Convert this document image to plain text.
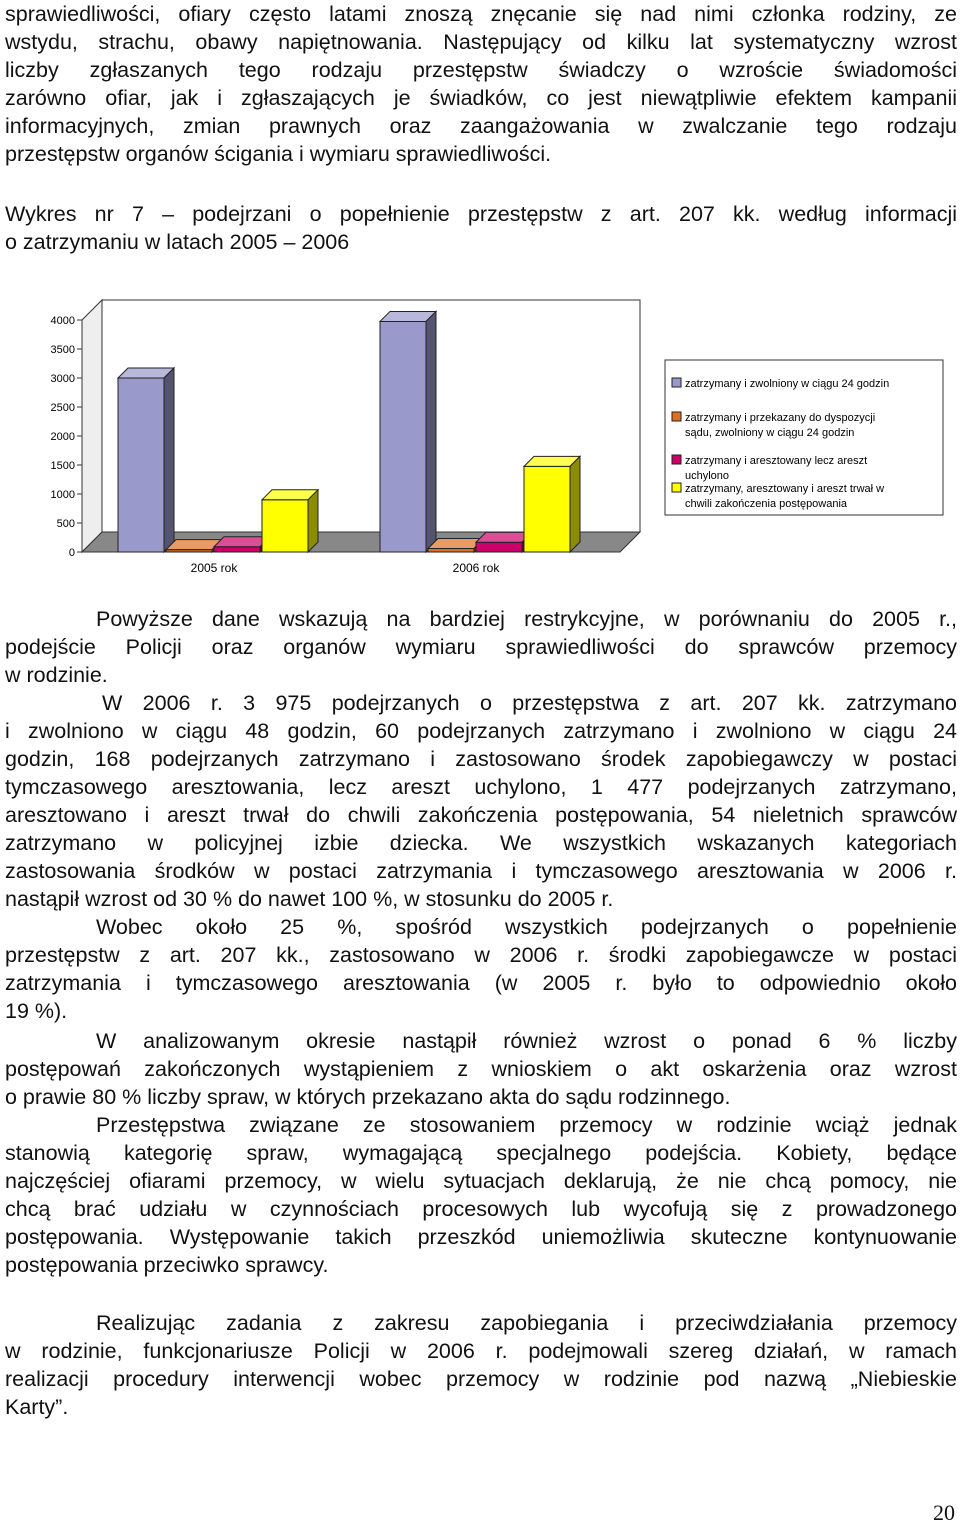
sprawiedliwości, ofiary często latami znoszą znęcanie się nad nimi członka rodziny, ze
wstydu, strachu, obawy napiętnowania. Następujący od kilku lat systematyczny wzrost
liczby zgłaszanych tego rodzaju przestępstw świadczy o wzroście świadomości
zarówno ofiar, jak i zgłaszających je świadków, co jest niewątpliwie efektem kampanii
informacyjnych, zmian prawnych oraz zaangażowania w zwalczanie tego rodzaju
przestępstw organów ścigania i wymiaru sprawiedliwości.
Wykres nr 7 – podejrzani o popełnienie przestępstw z art. 207 kk. według informacji
o zatrzymaniu w latach 2005 – 2006
0
500
1000
1500
2000
2500
3000
3500
4000
2005 rok	2006 rok
zatrzymany i zwolniony w ciągu 24 godzin
zatrzymany i przekazany do dyspozycji
sądu, zwolniony w ciągu 24 godzin
zatrzymany i aresztowany lecz areszt
uchylono
zatrzymany, aresztowany i areszt trwał w
chwili zakończenia postępowania
Powyższe dane wskazują na bardziej restrykcyjne, w porównaniu do 2005 r.,
podejście Policji oraz organów wymiaru sprawiedliwości do sprawców przemocy
w rodzinie.
W 2006 r. 3 975 podejrzanych o przestępstwa z art. 207 kk. zatrzymano
i zwolniono w ciągu 48 godzin, 60 podejrzanych zatrzymano i zwolniono w ciągu 24
godzin, 168 podejrzanych zatrzymano i zastosowano środek zapobiegawczy w postaci
tymczasowego aresztowania, lecz areszt uchylono, 1 477 podejrzanych zatrzymano,
aresztowano i areszt trwał do chwili zakończenia postępowania, 54 nieletnich sprawców
zatrzymano w policyjnej izbie dziecka. We wszystkich wskazanych kategoriach
zastosowania środków w postaci zatrzymania i tymczasowego aresztowania w 2006 r.
nastąpił wzrost od 30 % do nawet 100 %, w stosunku do 2005 r.
Wobec około 25 %, spośród wszystkich podejrzanych o popełnienie
przestępstw z art. 207 kk., zastosowano w 2006 r. środki zapobiegawcze w postaci
zatrzymania i tymczasowego aresztowania (w 2005 r. było to odpowiednio około
19 %).
W analizowanym okresie nastąpił również wzrost o ponad 6 % liczby
postępowań zakończonych wystąpieniem z wnioskiem o akt oskarżenia oraz wzrost
o prawie 80 % liczby spraw, w których przekazano akta do sądu rodzinnego.
Przestępstwa związane ze stosowaniem przemocy w rodzinie wciąż jednak
stanowią kategorię spraw, wymagającą specjalnego podejścia. Kobiety, będące
najczęściej ofiarami przemocy, w wielu sytuacjach deklarują, że nie chcą pomocy, nie
chcą brać udziału w czynnościach procesowych lub wycofują się z prowadzonego
postępowania. Występowanie takich przeszkód uniemożliwia skuteczne kontynuowanie
postępowania przeciwko sprawcy.
Realizując zadania z zakresu zapobiegania i przeciwdziałania przemocy
w rodzinie, funkcjonariusze Policji w 2006 r. podejmowali szereg działań, w ramach
realizacji procedury interwencji wobec przemocy w rodzinie pod nazwą „Niebieskie
Karty”.
20
